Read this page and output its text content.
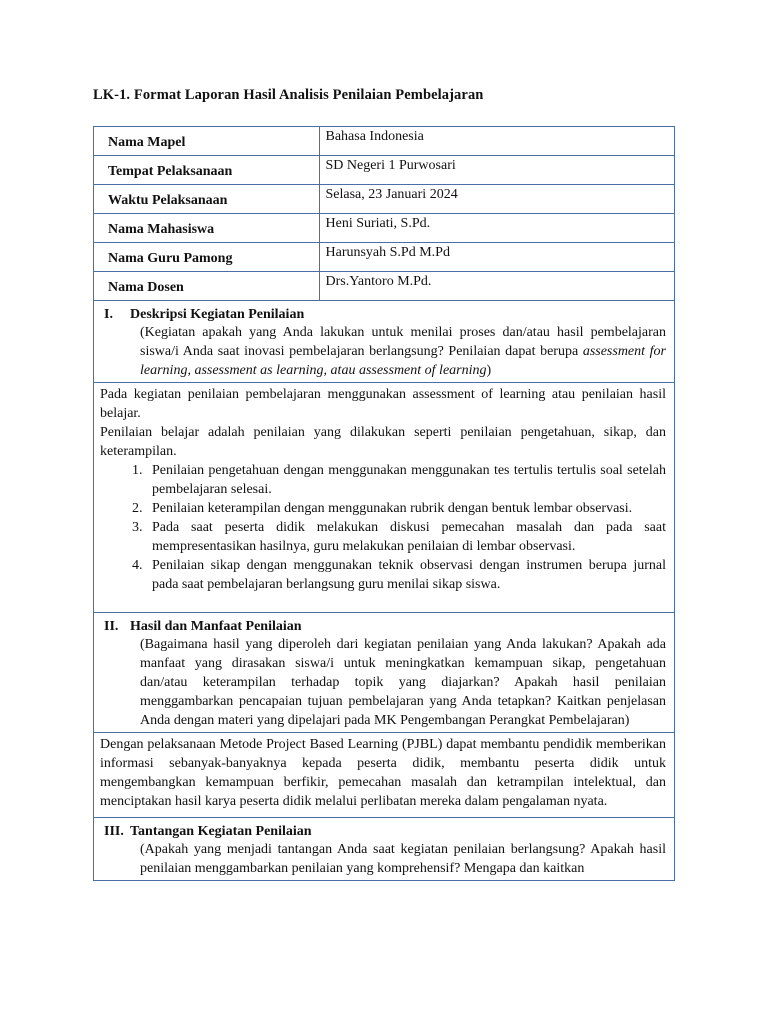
LK-1. Format Laporan Hasil Analisis Penilaian Pembelajaran
Nama Mapel	Bahasa Indonesia
Tempat Pelaksanaan	SD Negeri 1 Purwosari
Waktu Pelaksanaan	Selasa, 23 Januari 2024
Nama Mahasiswa	Heni Suriati, S.Pd.
Nama Guru Pamong	Harunsyah S.Pd M.Pd
Nama Dosen	Drs.Yantoro M.Pd.
I.	Deskripsi Kegiatan Penilaian
(Kegiatan apakah yang Anda lakukan untuk menilai proses dan/atau hasil pembelajaran siswa/i Anda saat inovasi pembelajaran berlangsung? Penilaian dapat berupa assessment for learning, assessment as learning, atau assessment of learning)

Pada kegiatan penilaian pembelajaran menggunakan assessment of learning atau penilaian hasil belajar.

Penilaian belajar adalah penilaian yang dilakukan seperti penilaian pengetahuan, sikap, dan keterampilan.

1. Penilaian pengetahuan dengan menggunakan menggunakan tes tertulis tertulis soal setelah pembelajaran selesai.
2. Penilaian keterampilan dengan menggunakan rubrik dengan bentuk lembar observasi.
3. Pada saat peserta didik melakukan diskusi pemecahan masalah dan pada saat mempresentasikan hasilnya, guru melakukan penilaian di lembar observasi.
4. Penilaian sikap dengan menggunakan teknik observasi dengan instrumen berupa jurnal pada saat pembelajaran berlangsung guru menilai sikap siswa.
II. Hasil dan Manfaat Penilaian
(Bagaimana hasil yang diperoleh dari kegiatan penilaian yang Anda lakukan? Apakah ada manfaat yang dirasakan siswa/i untuk meningkatkan kemampuan sikap, pengetahuan dan/atau keterampilan terhadap topik yang diajarkan? Apakah hasil penilaian menggambarkan pencapaian tujuan pembelajaran yang Anda tetapkan? Kaitkan penjelasan Anda dengan materi yang dipelajari pada MK Pengembangan Perangkat Pembelajaran)

Dengan pelaksanaan Metode Project Based Learning (PJBL) dapat membantu pendidik memberikan informasi sebanyak-banyaknya kepada peserta didik, membantu peserta didik untuk mengembangkan kemampuan berfikir, pemecahan masalah dan ketrampilan intelektual, dan menciptakan hasil karya peserta didik melalui perlibatan mereka dalam pengalaman nyata.

III. Tantangan Kegiatan Penilaian
(Apakah yang menjadi tantangan Anda saat kegiatan penilaian berlangsung? Apakah hasil penilaian menggambarkan penilaian yang komprehensif? Mengapa dan kaitkan
